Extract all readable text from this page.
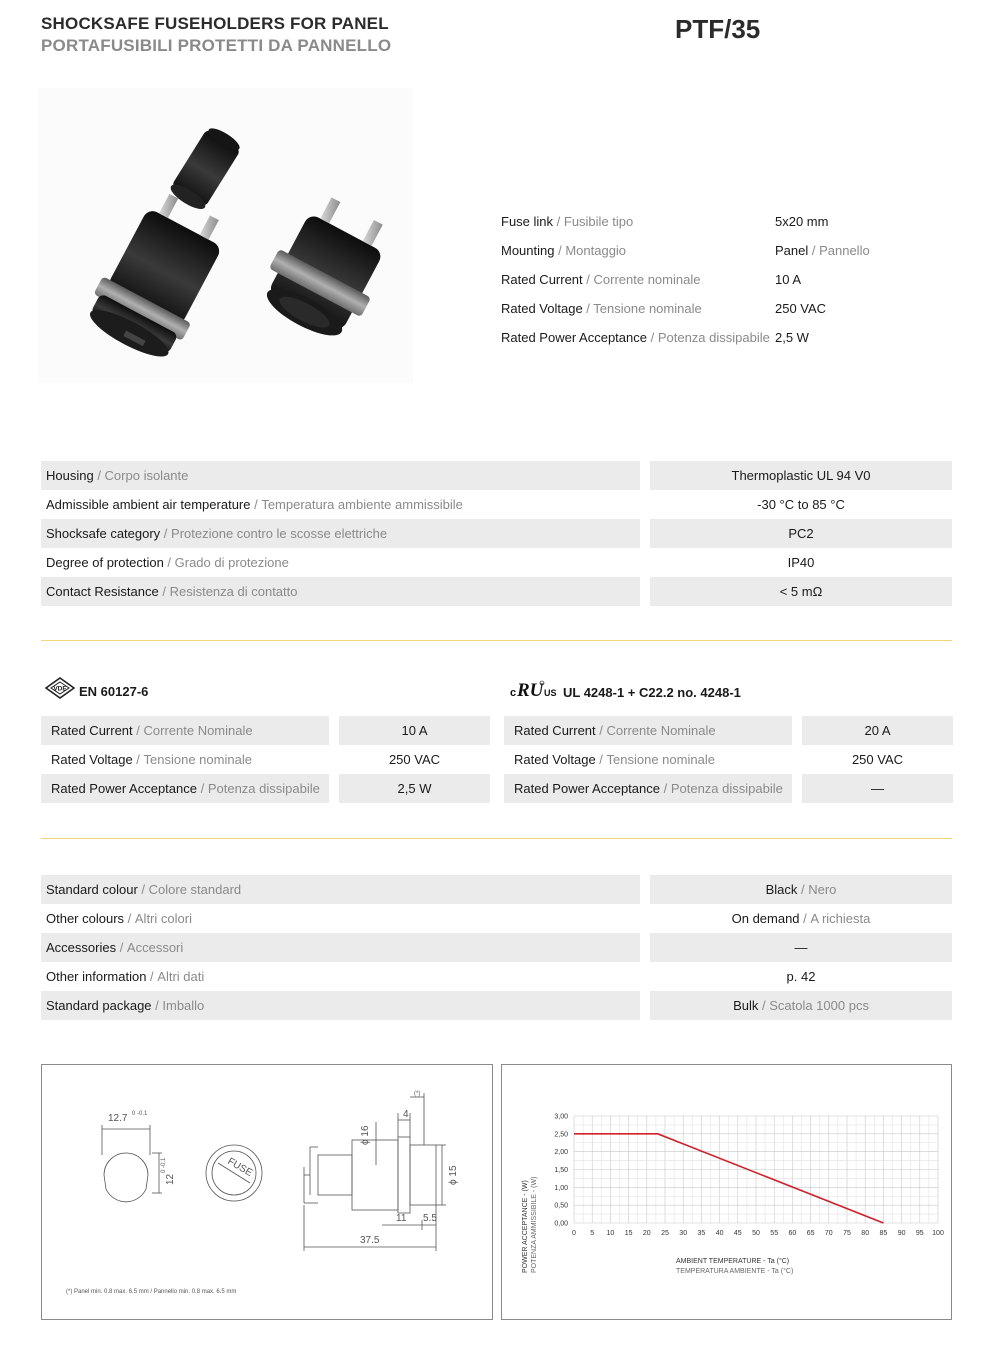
SHOCKSAFE FUSEHOLDERS FOR PANEL
PORTAFUSIBILI PROTETTI DA PANNELLO
PTF/35
Fuse link / Fusibile tipo	5x20 mm
Mounting / Montaggio	Panel / Pannello
Rated Current / Corrente nominale	10 A
Rated Voltage / Tensione nominale	250 VAC
Rated Power Acceptance / Potenza dissipabile 2,5 W
Housing / Corpo isolante	Thermoplastic UL 94 V0
Admissible ambient air temperature / Temperatura ambiente ammissibile	-30 °C to 85 °C
Shocksafe category / Protezione contro le scosse elettriche	PC2
Degree of protection / Grado di protezione	IP40
Contact Resistance / Resistenza di contatto	< 5 mΩ
VDE EN 60127-6
Rated Current / Corrente Nominale	10 A
Rated Voltage / Tensione nominale	250 VAC
Rated Power Acceptance / Potenza dissipabile	2,5 W
c RU US UL 4248-1 + C22.2 no. 4248-1
Rated Current / Corrente Nominale	20 A
Rated Voltage / Tensione nominale	250 VAC
Rated Power Acceptance / Potenza dissipabile	—
Standard colour / Colore standard	Black / Nero
Other colours / Altri colori	On demand / A richiesta
Accessories / Accessori	—
Other information / Altri dati	p. 42
Standard package / Imballo	Bulk / Scatola 1000 pcs
12.7 0 -0.1
12
0 -0.1	FUSE
4
(*)
ϕ 16
ϕ 15
11 5.5
37.5
(*) Panel min. 0.8 max. 6.5 mm / Pannello min. 0.8 max. 6.5 mm
0,00
0,50
1,00
1,50
2,00
2,50
3,00
0 5 10 15 20 25 30 35 40 45 50 55 60 65 70 75 80 85 90 95 100
POWER ACCEPTANCE - (W) POTENZA AMMISSIBILE - (W)	AMBIENT TEMPERATURE - Ta (°C)
TEMPERATURA AMBIENTE - Ta (°C)
